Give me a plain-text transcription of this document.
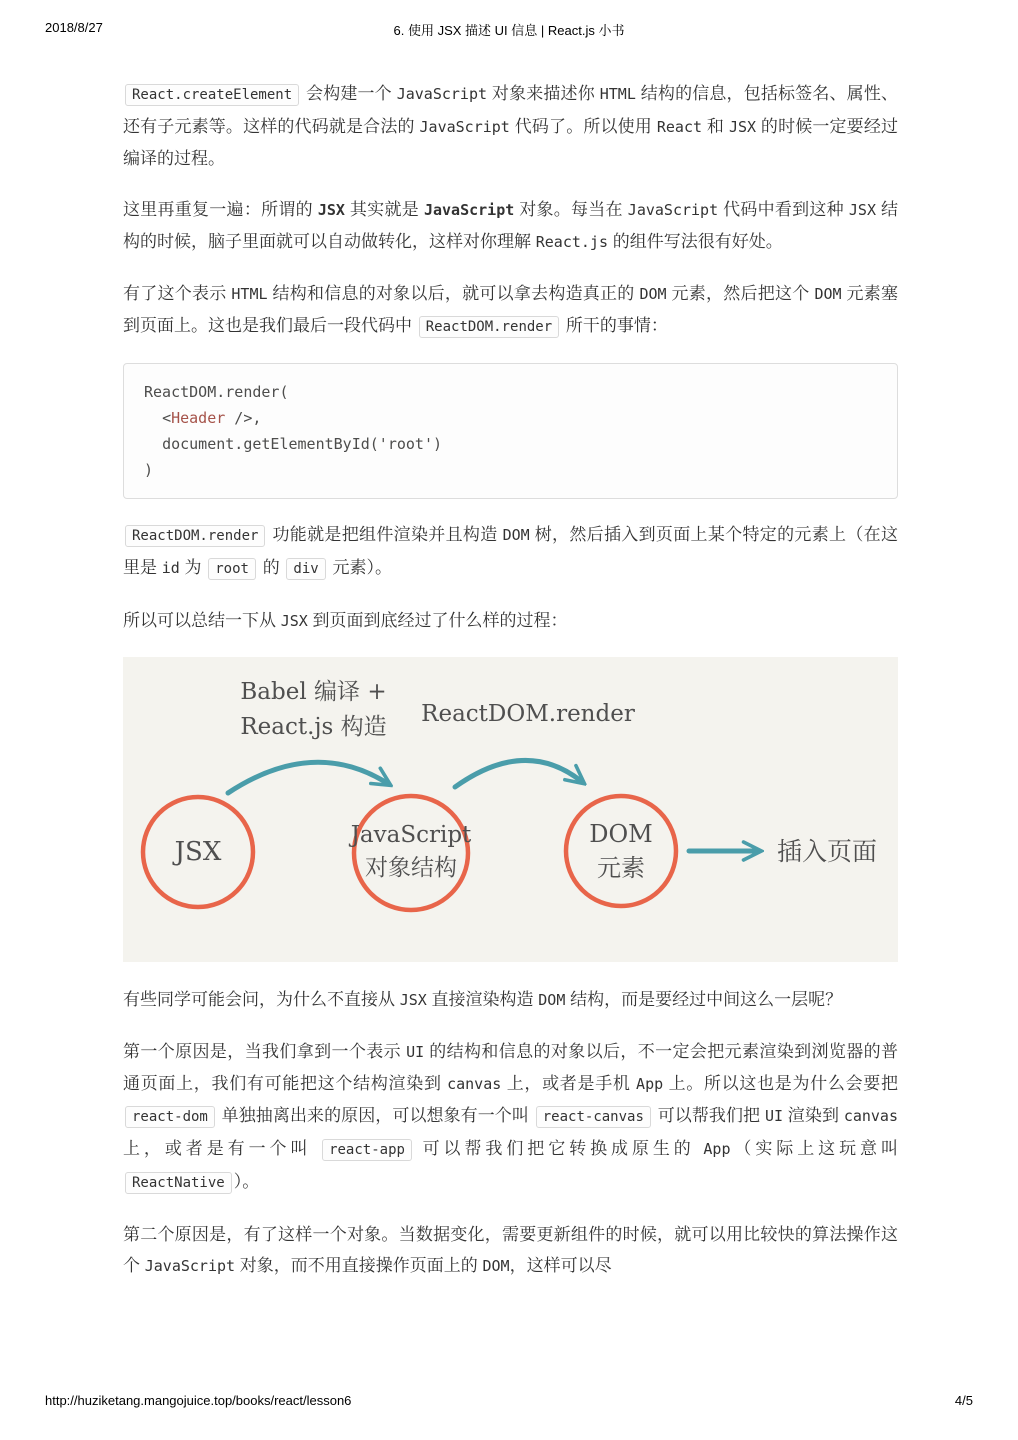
2018/8/27	6. 使用 JSX 描述 UI 信息 | React.js 小书

React.createElement 会构建一个 JavaScript 对象来描述你 HTML 结构的信息，包括标签名、属性、还有子元素等。这样的代码就是合法的 JavaScript 代码了。所以使用 React 和 JSX 的时候一定要经过编译的过程。

这里再重复一遍：所谓的 JSX 其实就是 JavaScript 对象。每当在 JavaScript 代码中看到这种 JSX 结构的时候，脑子里面就可以自动做转化，这样对你理解 React.js 的组件写法很有好处。

有了这个表示 HTML 结构和信息的对象以后，就可以拿去构造真正的 DOM 元素，然后把这个 DOM 元素塞到页面上。这也是我们最后一段代码中 ReactDOM.render 所干的事情：

ReactDOM.render(
<Header />,
document.getElementById('root')
)

ReactDOM.render 功能就是把组件渲染并且构造 DOM 树，然后插入到页面上某个特定的元素上（在这里是 id 为 root 的 div 元素）。

所以可以总结一下从 JSX 到页面到底经过了什么样的过程：

Babel 编译 +
React.js 构造	ReactDOM.render
JSX
JavaScript
对象结构
DOM
元素
插入页面

有些同学可能会问，为什么不直接从 JSX 直接渲染构造 DOM 结构，而是要经过中间这么一层呢？

第一个原因是，当我们拿到一个表示 UI 的结构和信息的对象以后，不一定会把元素渲染到浏览器的普通页面上，我们有可能把这个结构渲染到 canvas 上，或者是手机 App 上。所以这也是为什么会要把 react-dom 单独抽离出来的原因，可以想象有一个叫 react-canvas 可以帮我们把 UI 渲染到 canvas 上，或者是有一个叫 react-app 可以帮我们把它转换成原生的 App（实际上这玩意叫 ReactNative ）。

第二个原因是，有了这样一个对象。当数据变化，需要更新组件的时候，就可以用比较快的算法操作这个 JavaScript 对象，而不用直接操作页面上的 DOM，这样可以尽

http://huziketang.mangojuice.top/books/react/lesson6	4/5
